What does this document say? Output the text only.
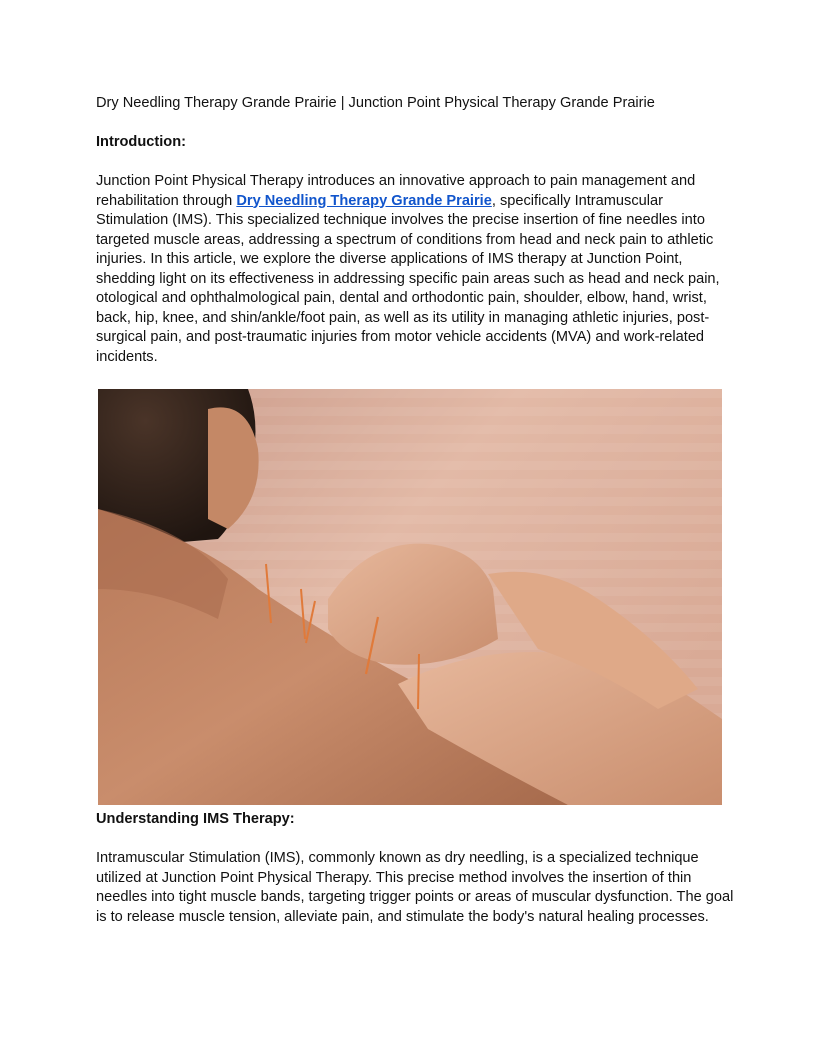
Dry Needling Therapy Grande Prairie | Junction Point Physical Therapy Grande Prairie

Introduction:

Junction Point Physical Therapy introduces an innovative approach to pain management and rehabilitation through Dry Needling Therapy Grande Prairie, specifically Intramuscular Stimulation (IMS). This specialized technique involves the precise insertion of fine needles into targeted muscle areas, addressing a spectrum of conditions from head and neck pain to athletic injuries. In this article, we explore the diverse applications of IMS therapy at Junction Point, shedding light on its effectiveness in addressing specific pain areas such as head and neck pain, otological and ophthalmological pain, dental and orthodontic pain, shoulder, elbow, hand, wrist, back, hip, knee, and shin/ankle/foot pain, as well as its utility in managing athletic injuries, post-surgical pain, and post-traumatic injuries from motor vehicle accidents (MVA) and work-related incidents.

Understanding IMS Therapy:

Intramuscular Stimulation (IMS), commonly known as dry needling, is a specialized technique utilized at Junction Point Physical Therapy. This precise method involves the insertion of thin needles into tight muscle bands, targeting trigger points or areas of muscular dysfunction. The goal is to release muscle tension, alleviate pain, and stimulate the body's natural healing processes.
